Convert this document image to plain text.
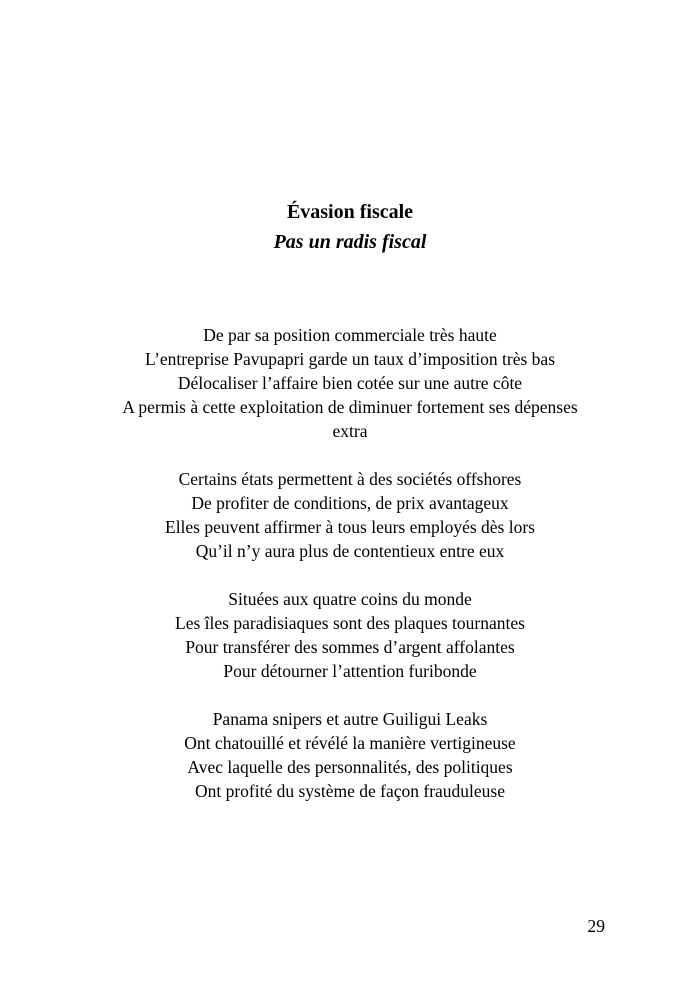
Évasion fiscale
Pas un radis fiscal
De par sa position commerciale très haute
L’entreprise Pavupapri garde un taux d’imposition très bas
Délocaliser l’affaire bien cotée sur une autre côte
A permis à cette exploitation de diminuer fortement ses dépenses
extra
Certains états permettent à des sociétés offshores
De profiter de conditions, de prix avantageux
Elles peuvent affirmer à tous leurs employés dès lors
Qu’il n’y aura plus de contentieux entre eux
Situées aux quatre coins du monde
Les îles paradisiaques sont des plaques tournantes
Pour transférer des sommes d’argent affolantes
Pour détourner l’attention furibonde
Panama snipers et autre Guiligui Leaks
Ont chatouillé et révélé la manière vertigineuse
Avec laquelle des personnalités, des politiques
Ont profité du système de façon frauduleuse
29
